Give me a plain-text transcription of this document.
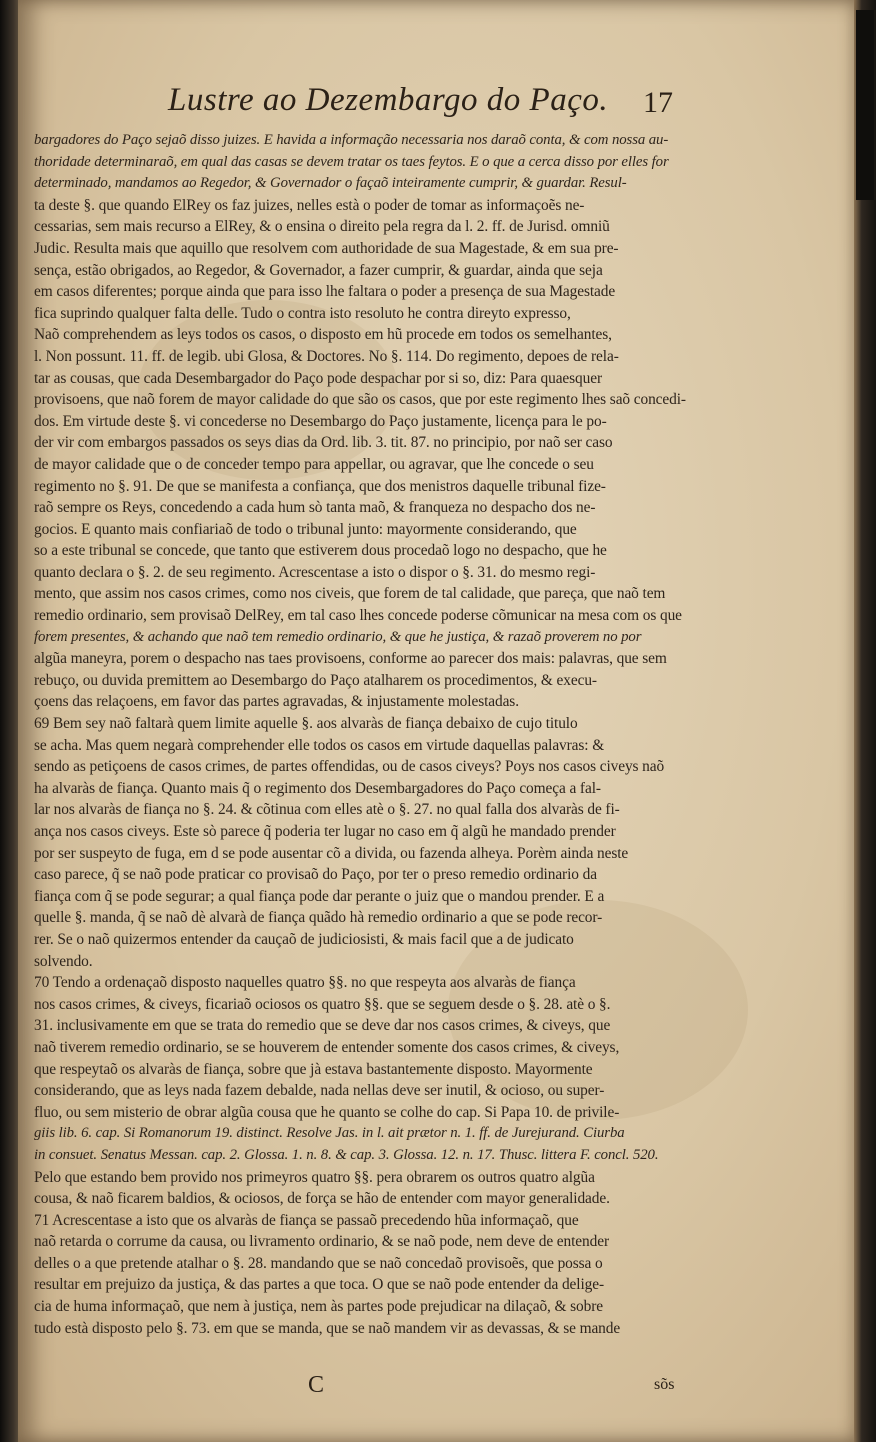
Lustre ao Dezembargo do Paço. 17
bargadores do Paço sejaõ disso juizes. E havida a informação necessaria nos daraõ conta, & com nossa au-
thoridade determinaraõ, em qual das casas se devem tratar os taes feytos. E o que a cerca disso por elles for
determinado, mandamos ao Regedor, & Governador o façaõ inteiramente cumprir, & guardar. Resul-
ta deste §. que quando ElRey os faz juizes, nelles està o poder de tomar as informaçoẽs ne-
cessarias, sem mais recurso a ElRey, & o ensina o direito pela regra da l. 2. ff. de Jurisd. omniũ
Judic. Resulta mais que aquillo que resolvem com authoridade de sua Magestade, & em sua pre-
sença, estão obrigados, ao Regedor, & Governador, a fazer cumprir, & guardar, ainda que seja
em casos diferentes; porque ainda que para isso lhe faltara o poder a presença de sua Magestade
fica suprindo qualquer falta delle. Tudo o contra isto resoluto he contra direyto expresso,
Naõ comprehendem as leys todos os casos, o disposto em hũ procede em todos os semelhantes,
l. Non possunt. 11. ff. de legib. ubi Glosa, & Doctores. No §. 114. Do regimento, depoes de rela-
tar as cousas, que cada Desembargador do Paço pode despachar por si so, diz: Para quaesquer
provisoens, que naõ forem de mayor calidade do que são os casos, que por este regimento lhes saõ concedi-
dos. Em virtude deste §. vi concederse no Desembargo do Paço justamente, licença para le po-
der vir com embargos passados os seys dias da Ord. lib. 3. tit. 87. no principio, por naõ ser caso
de mayor calidade que o de conceder tempo para appellar, ou agravar, que lhe concede o seu
regimento no §. 91. De que se manifesta a confiança, que dos menistros daquelle tribunal fize-
raõ sempre os Reys, concedendo a cada hum sò tanta maõ, & franqueza no despacho dos ne-
gocios. E quanto mais confiariaõ de todo o tribunal junto: mayormente considerando, que
so a este tribunal se concede, que tanto que estiverem dous procedaõ logo no despacho, que he
quanto declara o §. 2. de seu regimento. Acrescentase a isto o dispor o §. 31. do mesmo regi-
mento, que assim nos casos crimes, como nos civeis, que forem de tal calidade, que pareça, que naõ tem
remedio ordinario, sem provisaõ DelRey, em tal caso lhes concede poderse cõmunicar na mesa com os que
forem presentes, & achando que naõ tem remedio ordinario, & que he justiça, & razaõ proverem no por
algũa maneyra, porem o despacho nas taes provisoens, conforme ao parecer dos mais: palavras, que sem
rebuço, ou duvida premittem ao Desembargo do Paço atalharem os procedimentos, & execu-
çoens das relaçoens, em favor das partes agravadas, & injustamente molestadas.
69 Bem sey naõ faltarà quem limite aquelle §. aos alvaràs de fiança debaixo de cujo titulo
se acha. Mas quem negarà comprehender elle todos os casos em virtude daquellas palavras: &
sendo as petiçoens de casos crimes, de partes offendidas, ou de casos civeys? Poys nos casos civeys naõ
ha alvaràs de fiança. Quanto mais q̃ o regimento dos Desembargadores do Paço começa a fal-
lar nos alvaràs de fiança no §. 24. & cõtinua com elles atè o §. 27. no qual falla dos alvaràs de fi-
ança nos casos civeys. Este sò parece q̃ poderia ter lugar no caso em q̃ algũ he mandado prender
por ser suspeyto de fuga, em d se pode ausentar cõ a divida, ou fazenda alheya. Porèm ainda neste
caso parece, q̃ se naõ pode praticar co provisaõ do Paço, por ter o preso remedio ordinario da
fiança com q̃ se pode segurar; a qual fiança pode dar perante o juiz que o mandou prender. E a
quelle §. manda, q̃ se naõ dè alvarà de fiança quãdo hà remedio ordinario a que se pode recor-
rer. Se o naõ quizermos entender da cauçaõ de judiciosisti, & mais facil que a de judicato
solvendo.
70 Tendo a ordenaçaõ disposto naquelles quatro §§. no que respeyta aos alvaràs de fiança
nos casos crimes, & civeys, ficariaõ ociosos os quatro §§. que se seguem desde o §. 28. atè o §.
31. inclusivamente em que se trata do remedio que se deve dar nos casos crimes, & civeys, que
naõ tiverem remedio ordinario, se se houverem de entender somente dos casos crimes, & civeys,
que respeytaõ os alvaràs de fiança, sobre que jà estava bastantemente disposto. Mayormente
considerando, que as leys nada fazem debalde, nada nellas deve ser inutil, & ocioso, ou super-
fluo, ou sem misterio de obrar algũa cousa que he quanto se colhe do cap. Si Papa 10. de privile-
giis lib. 6. cap. Si Romanorum 19. distinct. Resolve Jas. in l. ait prætor n. 1. ff. de Jurejurand. Ciurba
in consuet. Senatus Messan. cap. 2. Glossa. 1. n. 8. & cap. 3. Glossa. 12. n. 17. Thusc. littera F. concl. 520.
Pelo que estando bem provido nos primeyros quatro §§. pera obrarem os outros quatro algũa
cousa, & naõ ficarem baldios, & ociosos, de força se hão de entender com mayor generalidade.
71 Acrescentase a isto que os alvaràs de fiança se passaõ precedendo hũa informaçaõ, que
naõ retarda o corrume da causa, ou livramento ordinario, & se naõ pode, nem deve de entender
delles o a que pretende atalhar o §. 28. mandando que se naõ concedaõ provisoẽs, que possa o
resultar em prejuizo da justiça, & das partes a que toca. O que se naõ pode entender da delige-
cia de huma informaçaõ, que nem à justiça, nem às partes pode prejudicar na dilaçaõ, & sobre
tudo està disposto pelo §. 73. em que se manda, que se naõ mandem vir as devassas, & se mande
C	sõs
